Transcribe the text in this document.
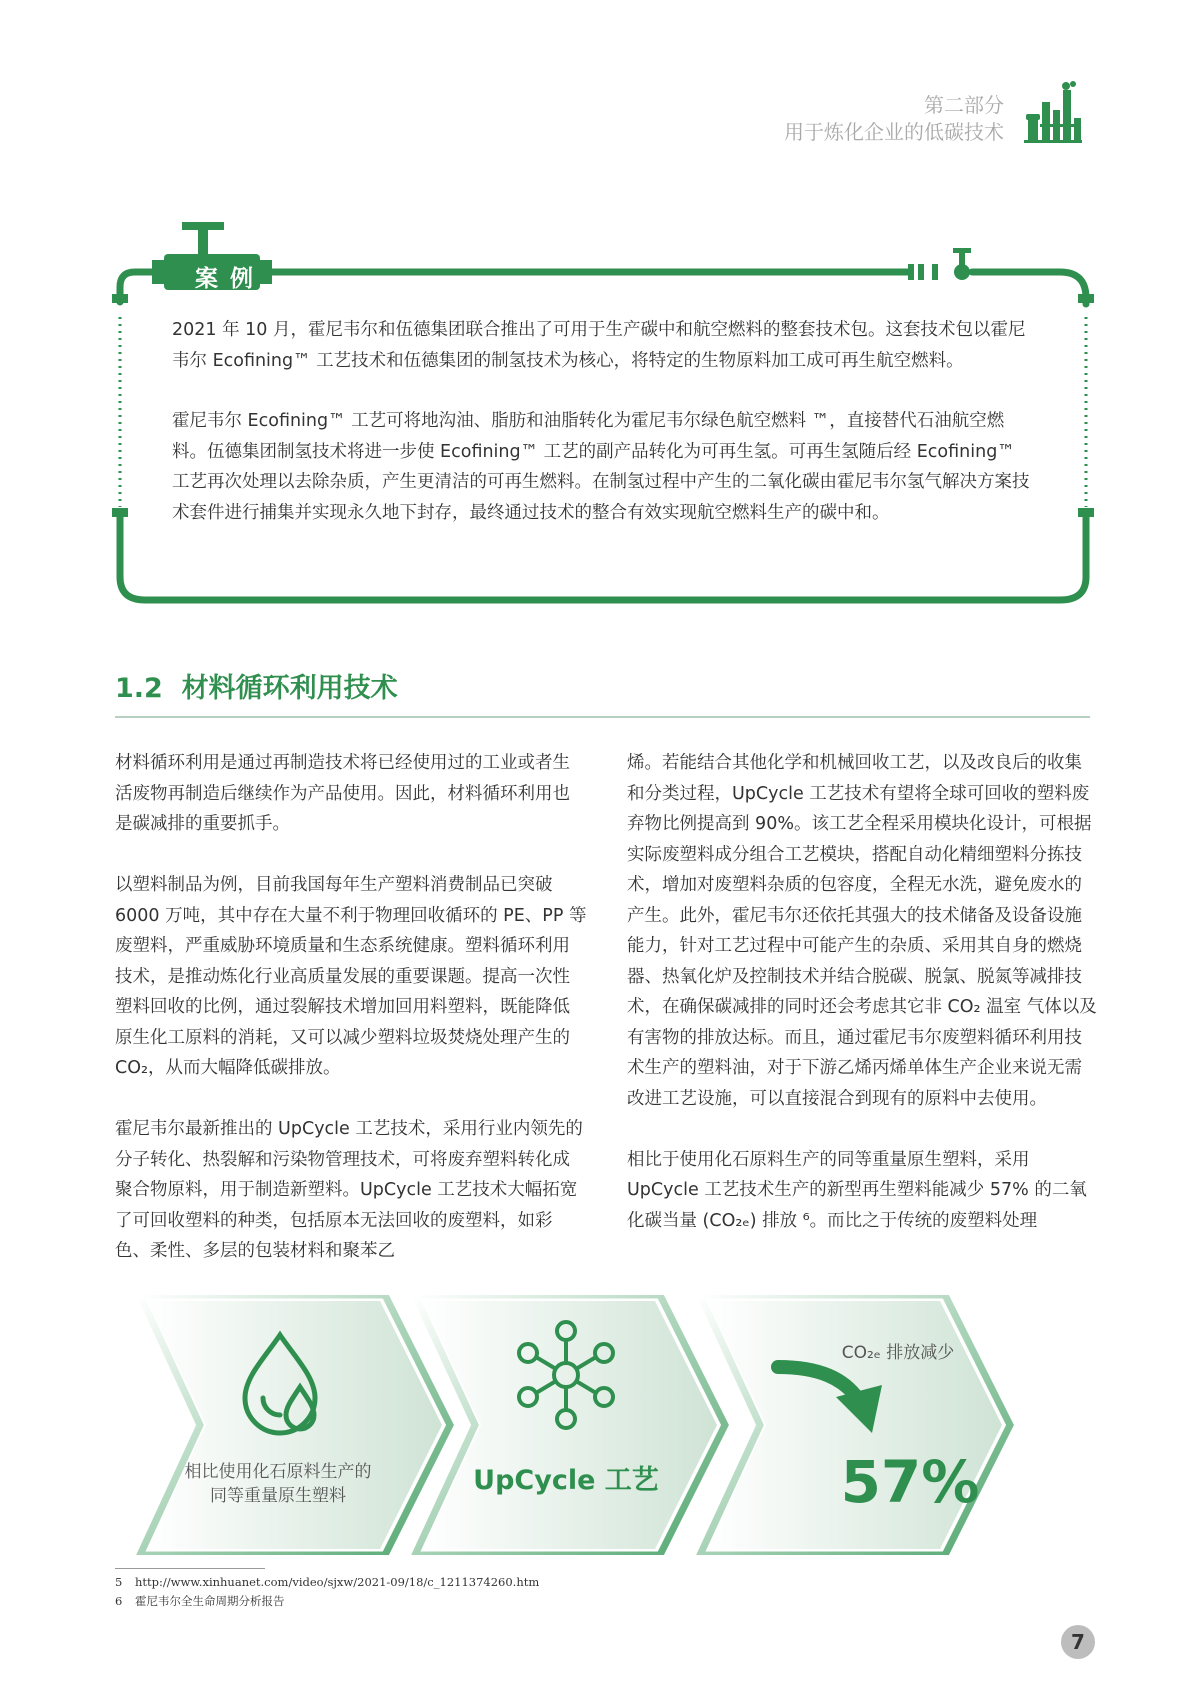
第二部分
用于炼化企业的低碳技术
案 例

2021 年 10 月，霍尼韦尔和伍德集团联合推出了可用于生产碳中和航空燃料的整套技术包。这套技术包以霍尼韦尔 Ecofining™ 工艺技术和伍德集团的制氢技术为核心，将特定的生物原料加工成可再生航空燃料。

霍尼韦尔 Ecofining™ 工艺可将地沟油、脂肪和油脂转化为霍尼韦尔绿色航空燃料 ™，直接替代石油航空燃料。伍德集团制氢技术将进一步使 Ecofining™ 工艺的副产品转化为可再生氢。可再生氢随后经 Ecofining™ 工艺再次处理以去除杂质，产生更清洁的可再生燃料。在制氢过程中产生的二氧化碳由霍尼韦尔氢气解决方案技术套件进行捕集并实现永久地下封存，最终通过技术的整合有效实现航空燃料生产的碳中和。

1.2 材料循环利用技术

材料循环利用是通过再制造技术将已经使用过的工业或者生活废物再制造后继续作为产品使用。因此，材料循环利用也是碳减排的重要抓手。

以塑料制品为例，目前我国每年生产塑料消费制品已突破 6000 万吨，其中存在大量不利于物理回收循环的 PE、PP 等废塑料，严重威胁环境质量和生态系统健康。塑料循环利用技术，是推动炼化行业高质量发展的重要课题。提高一次性塑料回收的比例，通过裂解技术增加回用料塑料，既能降低原生化工原料的消耗，又可以减少塑料垃圾焚烧处理产生的 CO₂，从而大幅降低碳排放。

霍尼韦尔最新推出的 UpCycle 工艺技术，采用行业内领先的分子转化、热裂解和污染物管理技术，可将废弃塑料转化成聚合物原料，用于制造新塑料。UpCycle 工艺技术大幅拓宽了可回收塑料的种类，包括原本无法回收的废塑料，如彩色、柔性、多层的包装材料和聚苯乙

烯。若能结合其他化学和机械回收工艺，以及改良后的收集和分类过程，UpCycle 工艺技术有望将全球可回收的塑料废弃物比例提高到 90%。该工艺全程采用模块化设计，可根据实际废塑料成分组合工艺模块，搭配自动化精细塑料分拣技术，增加对废塑料杂质的包容度，全程无水洗，避免废水的产生。此外，霍尼韦尔还依托其强大的技术储备及设备设施能力，针对工艺过程中可能产生的杂质、采用其自身的燃烧器、热氧化炉及控制技术并结合脱碳、脱氯、脱氮等减排技术，在确保碳减排的同时还会考虑其它非 CO₂ 温室 气体以及有害物的排放达标。而且，通过霍尼韦尔废塑料循环利用技术生产的塑料油，对于下游乙烯丙烯单体生产企业来说无需改进工艺设施，可以直接混合到现有的原料中去使用。

相比于使用化石原料生产的同等重量原生塑料，采用 UpCycle 工艺技术生产的新型再生塑料能减少 57% 的二氧化碳当量 (CO₂ₑ) 排放 ⁶。而比之于传统的废塑料处理

相比使用化石原料生产的同等重量原生塑料	UpCycle 工艺
CO₂ₑ 排放减少
57%
5 http://www.xinhuanet.com/video/sjxw/2021-09/18/c_1211374260.htm
6 霍尼韦尔全生命周期分析报告
7
